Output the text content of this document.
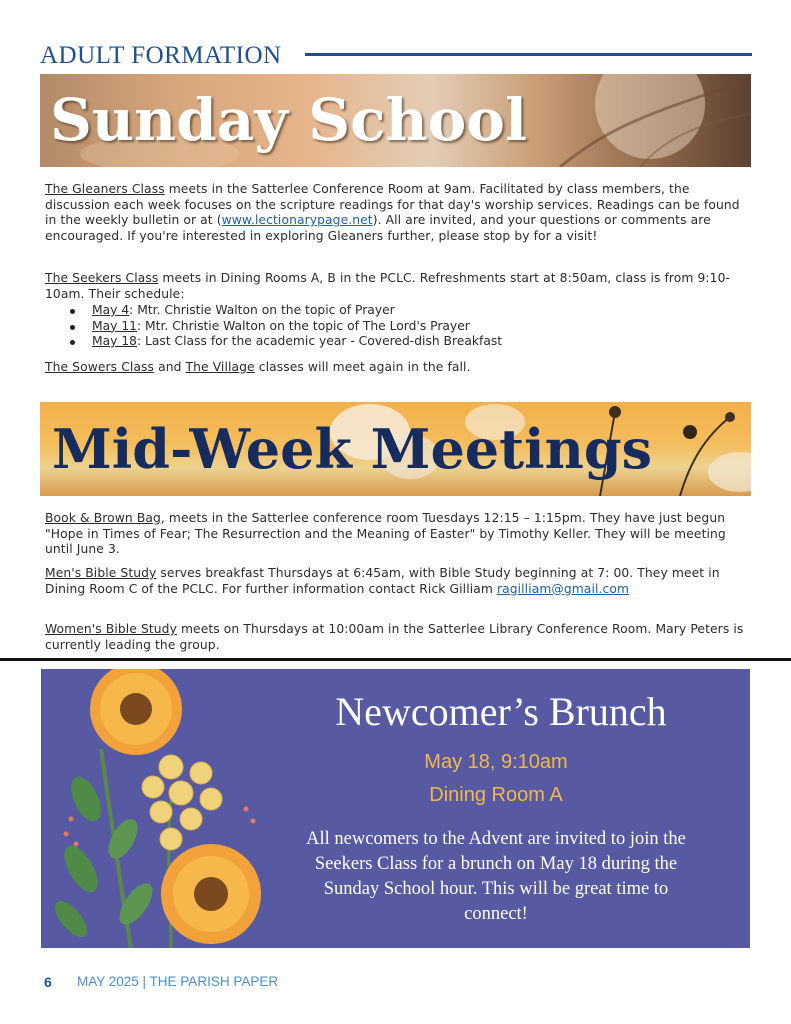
ADULT FORMATION
Sunday School
The Gleaners Class meets in the Satterlee Conference Room at 9am. Facilitated by class members, the discussion each week focuses on the scripture readings for that day's worship services. Readings can be found in the weekly bulletin or at (www.lectionarypage.net). All are invited, and your questions or comments are encouraged. If you're interested in exploring Gleaners further, please stop by for a visit!
The Seekers Class meets in Dining Rooms A, B in the PCLC. Refreshments start at 8:50am, class is from 9:10-10am. Their schedule:
May 4: Mtr. Christie Walton on the topic of Prayer
May 11: Mtr. Christie Walton on the topic of The Lord's Prayer
May 18: Last Class for the academic year - Covered-dish Breakfast
The Sowers Class and The Village classes will meet again in the fall.
Mid-Week Meetings
Book & Brown Bag, meets in the Satterlee conference room Tuesdays 12:15 – 1:15pm. They have just begun "Hope in Times of Fear; The Resurrection and the Meaning of Easter" by Timothy Keller. They will be meeting until June 3.
Men's Bible Study serves breakfast Thursdays at 6:45am, with Bible Study beginning at 7: 00. They meet in Dining Room C of the PCLC. For further information contact Rick Gilliam ragilliam@gmail.com
Women's Bible Study meets on Thursdays at 10:00am in the Satterlee Library Conference Room. Mary Peters is currently leading the group.
Newcomer’s Brunch
May 18, 9:10am
Dining Room A
All newcomers to the Advent are invited to join the Seekers Class for a brunch on May 18 during the Sunday School hour. This will be great time to connect!
6 MAY 2025 | THE PARISH PAPER
